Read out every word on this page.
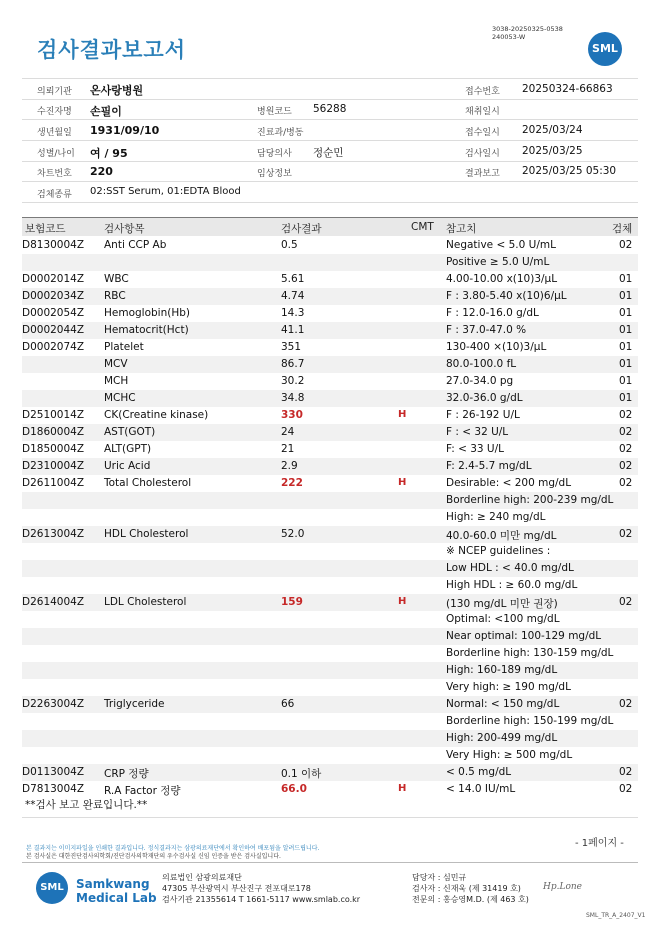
검사결과보고서
3038-20250325-0538
240053-W
SML
의뢰기관 온사랑병원	접수번호 20250324-66863
수진자명 손필이	병원코드 56288	채취일시
생년월일 1931/09/10	진료과/병동	접수일시 2025/03/24
성별/나이 여 / 95	담당의사 정순민	검사일시 2025/03/25
차트번호 220	임상정보	결과보고 2025/03/25 05:30
검체종류 02:SST Serum, 01:EDTA Blood
보험코드	검사항목	검사결과	CMT 참고치	검체
D8130004Z Anti CCP Ab	0.5	Negative < 5.0 U/mL	02
Positive ≥ 5.0 U/mL
D0002014Z WBC	5.61	4.00-10.00 x(10)3/μL	01
D0002034Z RBC	4.74	F : 3.80-5.40 x(10)6/μL	01
D0002054Z Hemoglobin(Hb)	14.3	F : 12.0-16.0 g/dL	01
D0002044Z Hematocrit(Hct)	41.1	F : 37.0-47.0 %	01
D0002074Z Platelet	351	130-400 ×(10)3/μL	01
MCV	86.7	80.0-100.0 fL	01
MCH	30.2	27.0-34.0 pg	01
MCHC	34.8	32.0-36.0 g/dL	01
D2510014Z CK(Creatine kinase)	330	H	F : 26-192 U/L	02
D1860004Z AST(GOT)	24	F : < 32 U/L	02
D1850004Z ALT(GPT)	21	F: < 33 U/L	02
D2310004Z Uric Acid	2.9	F: 2.4-5.7 mg/dL	02
D2611004Z Total Cholesterol	222	H	Desirable: < 200 mg/dL	02
Borderline high: 200-239 mg/dL
High: ≥ 240 mg/dL
D2613004Z HDL Cholesterol	52.0	40.0-60.0 미만 mg/dL	02
※ NCEP guidelines :
Low HDL : < 40.0 mg/dL
High HDL : ≥ 60.0 mg/dL
D2614004Z LDL Cholesterol	159	H	(130 mg/dL 미만 권장)	02
Optimal: <100 mg/dL
Near optimal: 100-129 mg/dL
Borderline high: 130-159 mg/dL
High: 160-189 mg/dL
Very high: ≥ 190 mg/dL
D2263004Z Triglyceride	66	Normal: < 150 mg/dL	02
Borderline high: 150-199 mg/dL
High: 200-499 mg/dL
Very High: ≥ 500 mg/dL
D0113004Z CRP 정량	0.1 이하	< 0.5 mg/dL	02
D7813004Z R.A Factor 정량	66.0	H	< 14.0 IU/mL	02
**검사 보고 완료입니다.**
- 1페이지 -
본 결과지는 이미지파일을 인쇄한 결과입니다. 정식결과지는 삼광의료재단에서 확인하여 배포됨을 알려드립니다.
본 검사실은 대한진단검사의학회/진단검사의학재단의 우수검사실 신임 인증을 받은 검사실입니다.
SML	Samkwang
Medical Lab
의료법인 삼광의료재단
47305 부산광역시 부산진구 전포대로178
검사기관 21355614 T 1661-5117 www.smlab.co.kr
담당자 : 심민규
검사자 : 신재욱 (제 31419 호)
전문의 : 홍승영M.D. (제 463 호)
Hp.Lone
SML_TR_A_2407_V1
